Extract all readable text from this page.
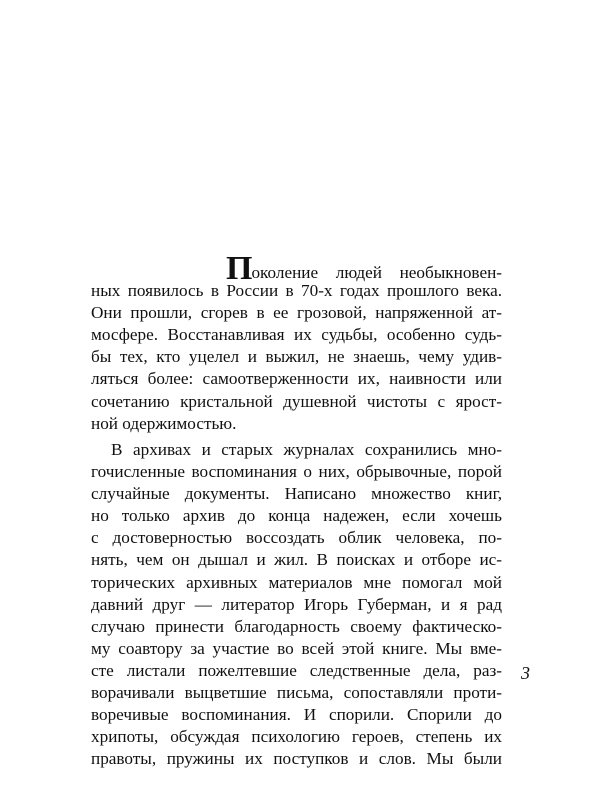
Поколение людей необыкновен-
ных появилось в России в 70-х годах прошлого века.
Они прошли, сгорев в ее грозовой, напряженной ат-
мосфере. Восстанавливая их судьбы, особенно судь-
бы тех, кто уцелел и выжил, не знаешь, чему удив-
ляться более: самоотверженности их, наивности или
сочетанию кристальной душевной чистоты с ярост-
ной одержимостью.
В архивах и старых журналах сохранились мно-
гочисленные воспоминания о них, обрывочные, порой
случайные документы. Написано множество книг,
но только архив до конца надежен, если хочешь
с достоверностью воссоздать облик человека, по-
нять, чем он дышал и жил. В поисках и отборе ис-
торических архивных материалов мне помогал мой
давний друг — литератор Игорь Губерман, и я рад
случаю принести благодарность своему фактическо-
му соавтору за участие во всей этой книге. Мы вме-
сте листали пожелтевшие следственные дела, раз-
ворачивали выцветшие письма, сопоставляли проти-
воречивые воспоминания. И спорили. Спорили до
хрипоты, обсуждая психологию героев, степень их
правоты, пружины их поступков и слов. Мы были
3
